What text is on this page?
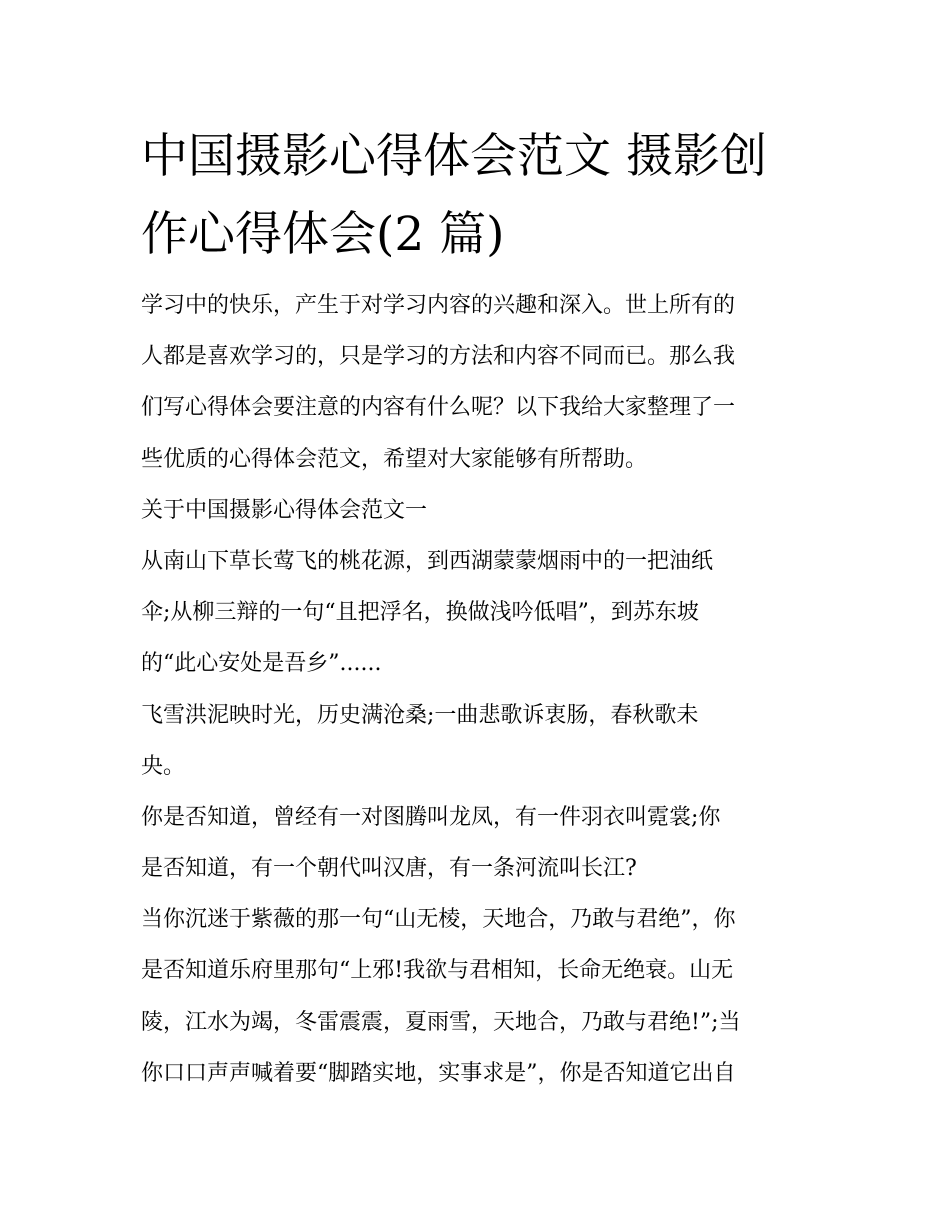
中国摄影心得体会范文 摄影创
作心得体会(2 篇)
学习中的快乐，产生于对学习内容的兴趣和深入。世上所有的
人都是喜欢学习的，只是学习的方法和内容不同而已。那么我
们写心得体会要注意的内容有什么呢？以下我给大家整理了一
些优质的心得体会范文，希望对大家能够有所帮助。
关于中国摄影心得体会范文一
从南山下草长莺飞的桃花源，到西湖蒙蒙烟雨中的一把油纸
伞;从柳三辩的一句“且把浮名，换做浅吟低唱”，到苏东坡
的“此心安处是吾乡”......
飞雪洪泥映时光，历史满沧桑;一曲悲歌诉衷肠，春秋歌未
央。
你是否知道，曾经有一对图腾叫龙凤，有一件羽衣叫霓裳;你
是否知道，有一个朝代叫汉唐，有一条河流叫长江?
当你沉迷于紫薇的那一句“山无棱，天地合，乃敢与君绝”，你
是否知道乐府里那句“上邪!我欲与君相知，长命无绝衰。山无
陵，江水为竭，冬雷震震，夏雨雪，天地合，乃敢与君绝!”;当
你口口声声喊着要“脚踏实地，实事求是”，你是否知道它出自
